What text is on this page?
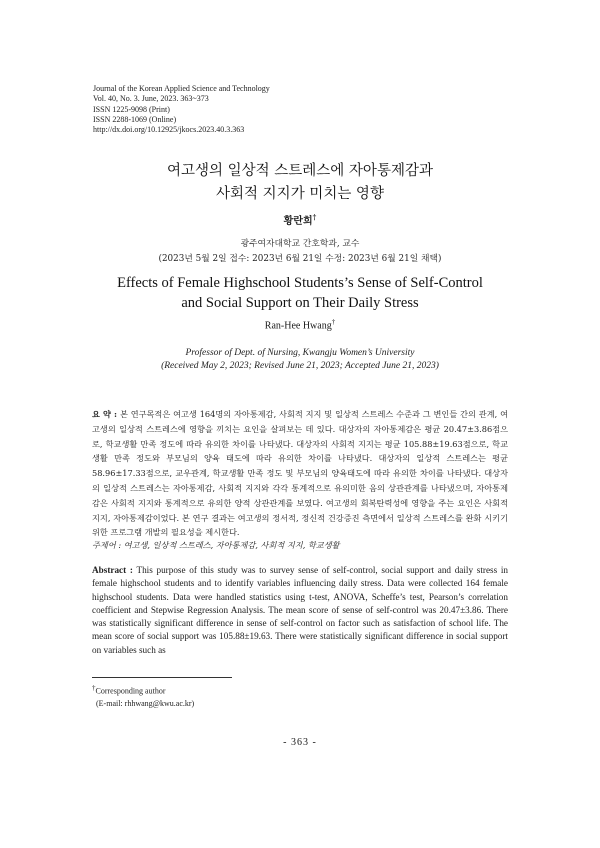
Journal of the Korean Applied Science and Technology
Vol. 40, No. 3. June, 2023. 363~373
ISSN 1225-9098 (Print)
ISSN 2288-1069 (Online)
http://dx.doi.org/10.12925/jkocs.2023.40.3.363
여고생의 일상적 스트레스에 자아통제감과
사회적 지지가 미치는 영향
황란희†
광주여자대학교 간호학과, 교수
(2023년 5월 2일 접수: 2023년 6월 21일 수정: 2023년 6월 21일 채택)
Effects of Female Highschool Students’s Sense of Self-Control
and Social Support on Their Daily Stress
Ran-Hee Hwang†
Professor of Dept. of Nursing, Kwangju Women’s University
(Received May 2, 2023; Revised June 21, 2023; Accepted June 21, 2023)
요 약 : 본 연구목적은 여고생 164명의 자아통제감, 사회적 지지 및 일상적 스트레스 수준과 그 변인들 간의 관계, 여고생의 일상적 스트레스에 영향을 끼치는 요인을 살펴보는 데 있다. 대상자의 자아통제감은 평균 20.47±3.86점으로, 학교생활 만족 정도에 따라 유의한 차이를 나타냈다. 대상자의 사회적 지지는 평균 105.88±19.63점으로, 학교생활 만족 정도와 부모님의 양육 태도에 따라 유의한 차이를 나타냈다. 대상자의 일상적 스트레스는 평균 58.96±17.33점으로, 교우관계, 학교생활 만족 정도 및 부모님의 양육태도에 따라 유의한 차이를 나타냈다. 대상자의 일상적 스트레스는 자아통제감, 사회적 지지와 각각 통계적으로 유의미한 음의 상관관계를 나타냈으며, 자아통제감은 사회적 지지와 통계적으로 유의한 양적 상관관계를 보였다. 여고생의 회복탄력성에 영향을 주는 요인은 사회적 지지, 자아통제감이었다. 본 연구 결과는 여고생의 정서적, 정신적 건강증진 측면에서 일상적 스트레스를 완화 시키기 위한 프로그램 개발의 필요성을 제시한다.
주제어 : 여고생, 일상적 스트레스, 자아통제감, 사회적 지지, 학교생활
Abstract : This purpose of this study was to survey sense of self-control, social support and daily stress in female highschool students and to identify variables influencing daily stress. Data were collected 164 female highschool students. Data were handled statistics using t-test, ANOVA, Scheffe’s test, Pearson’s correlation coefficient and Stepwise Regression Analysis. The mean score of sense of self-control was 20.47±3.86. There was statistically significant difference in sense of self-control on factor such as satisfaction of school life. The mean score of social support was 105.88±19.63. There were statistically significant difference in social support on variables such as
†Corresponding author
(E-mail: rhhwang@kwu.ac.kr)
- 363 -
